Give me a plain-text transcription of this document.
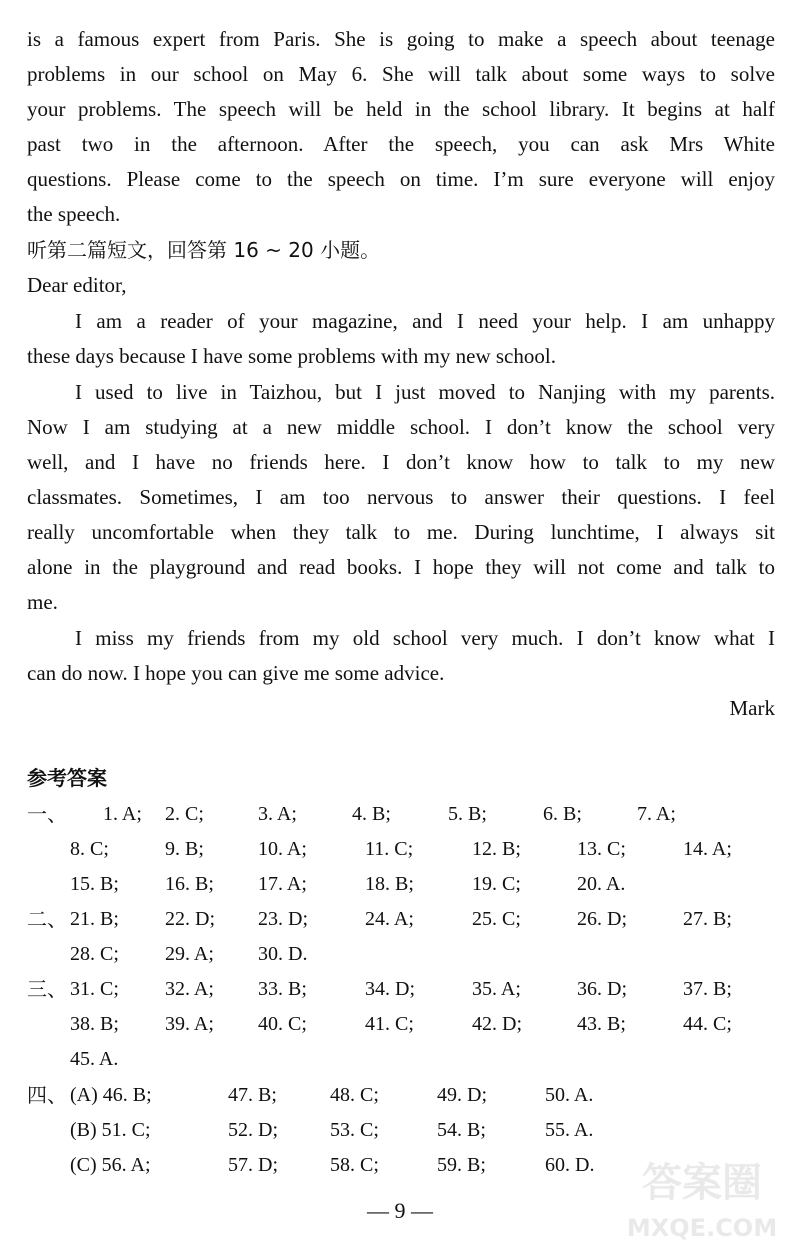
is a famous expert from Paris. She is going to make a speech about teenage
problems in our school on May 6. She will talk about some ways to solve
your problems. The speech will be held in the school library. It begins at half
past two in the afternoon. After the speech, you can ask Mrs White
questions. Please come to the speech on time. I’m sure everyone will enjoy
the speech.
听第二篇短文，回答第 16 ~ 20 小题。
Dear editor,
I am a reader of your magazine, and I need your help. I am unhappy
these days because I have some problems with my new school.
I used to live in Taizhou, but I just moved to Nanjing with my parents.
Now I am studying at a new middle school. I don’t know the school very
well, and I have no friends here. I don’t know how to talk to my new
classmates. Sometimes, I am too nervous to answer their questions. I feel
really uncomfortable when they talk to me. During lunchtime, I always sit
alone in the playground and read books. I hope they will not come and talk to
me.
I miss my friends from my old school very much. I don’t know what I
can do now. I hope you can give me some advice.
Mark
参考答案
一、 1. A; 2. C;	3. A;	4. B;	5. B;	6. B;	7. A;
8. C;	9. B;	10. A;	11. C;	12. B;	13. C;	14. A;
15. B; 16. B; 17. A;	18. B;	19. C;	20. A.
二、 21. B; 22. D; 23. D;	24. A;	25. C;	26. D;	27. B;
28. C; 29. A; 30. D.
三、 31. C; 32. A; 33. B;	34. D;	35. A;	36. D;	37. B;
38. B; 39. A; 40. C;	41. C;	42. D;	43. B;	44. C;
45. A.
四、 (A) 46. B;	47. B;	48. C;	49. D;	50. A.
(B) 51. C;	52. D;	53. C;	54. B;	55. A.
(C) 56. A;	57. D;	58. C;	59. B;	60. D.
— 9 —
答案圈
MXQE.COM
